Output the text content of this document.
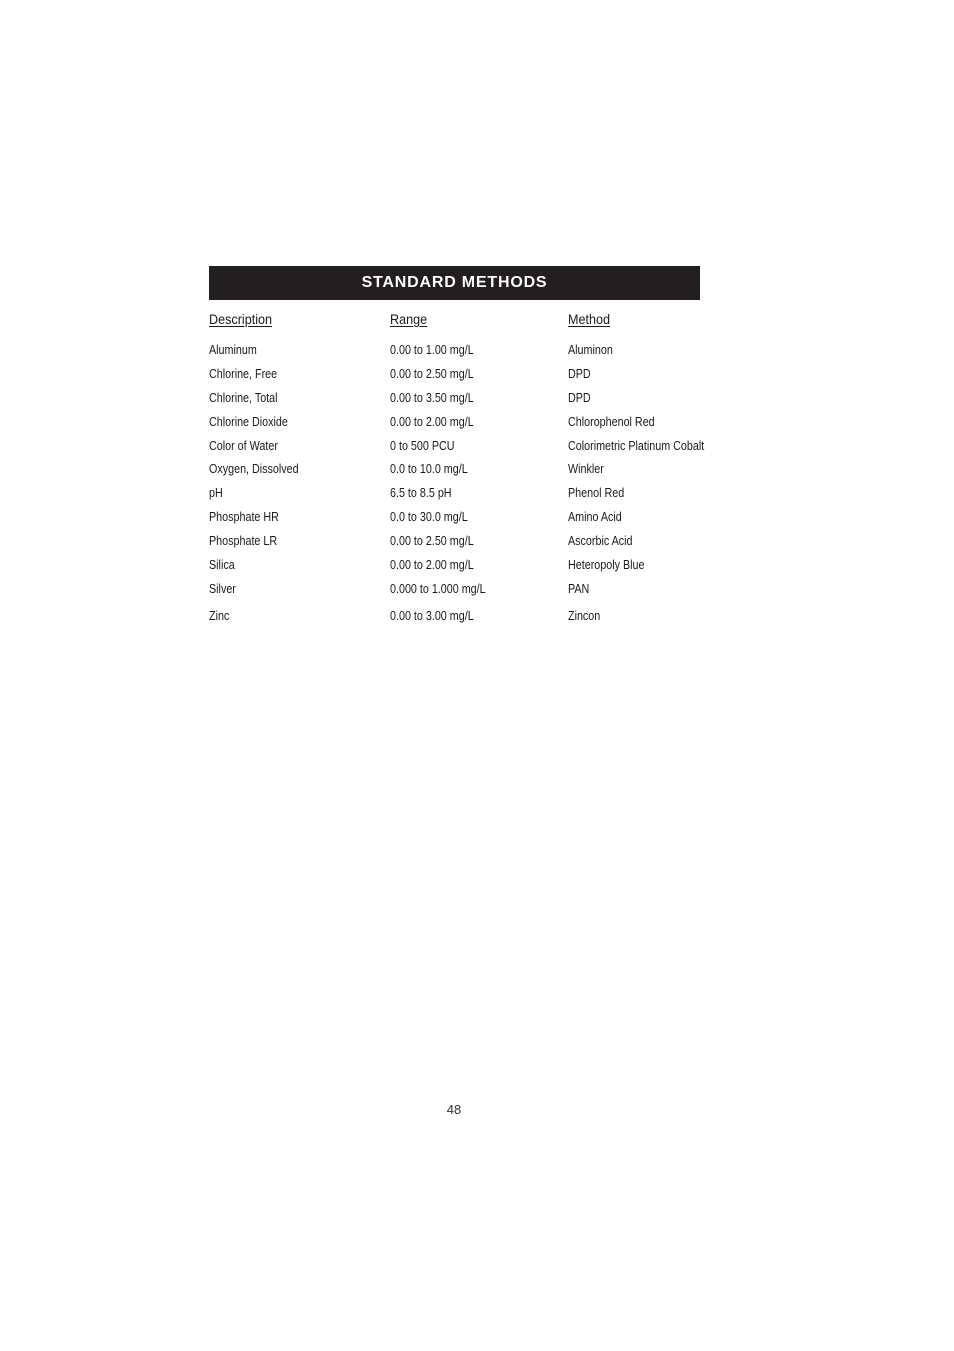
STANDARD METHODS
Description	Range	Method
Aluminum	0.00 to 1.00 mg/L	Aluminon
Chlorine, Free	0.00 to 2.50 mg/L	DPD
Chlorine, Total	0.00 to 3.50 mg/L	DPD
Chlorine Dioxide	0.00 to 2.00 mg/L	Chlorophenol Red
Color of Water	0 to 500 PCU	Colorimetric Platinum Cobalt
Oxygen, Dissolved	0.0 to 10.0 mg/L	Winkler
pH	6.5 to 8.5 pH	Phenol Red
Phosphate HR	0.0 to 30.0 mg/L	Amino Acid
Phosphate LR	0.00 to 2.50 mg/L	Ascorbic Acid
Silica	0.00 to 2.00 mg/L	Heteropoly Blue
Silver	0.000 to 1.000 mg/L	PAN
Zinc	0.00 to 3.00 mg/L	Zincon
48
